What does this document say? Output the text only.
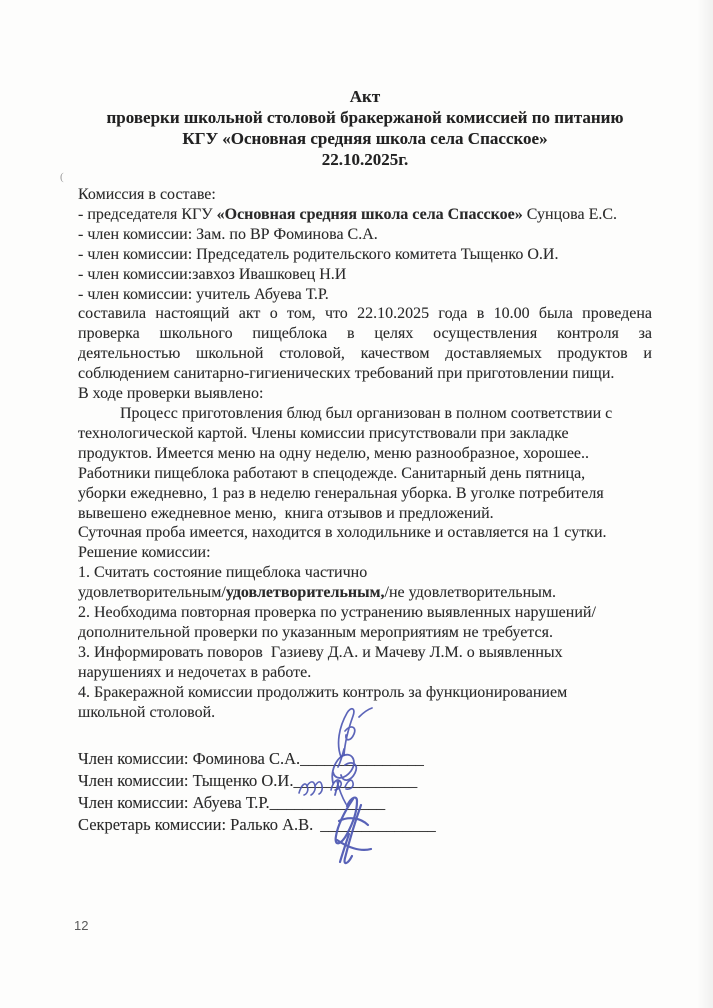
(
Акт
проверки школьной столовой бракержаной комиссией по питанию
КГУ «Основная средняя школа села Спасское»
22.10.2025г.
Комиссия в составе:
- председателя КГУ «Основная средняя школа села Спасское» Сунцова Е.С.
- член комиссии: Зам. по ВР Фоминова С.А.
- член комиссии: Председатель родительского комитета Тыщенко О.И.
- член комиссии:завхоз Ивашковец Н.И
- член комиссии: учитель Абуева Т.Р.
составила настоящий акт о том, что 22.10.2025 года в 10.00 была проведена
проверка школьного пищеблока в целях осуществления контроля за
деятельностью школьной столовой, качеством доставляемых продуктов и
соблюдением санитарно-гигиенических требований при приготовлении пищи.
В ходе проверки выявлено:
Процесс приготовления блюд был организован в полном соответствии с
технологической картой. Члены комиссии присутствовали при закладке
продуктов. Имеется меню на одну неделю, меню разнообразное, хорошее..
Работники пищеблока работают в спецодежде. Санитарный день пятница,
уборки ежедневно, 1 раз в неделю генеральная уборка. В уголке потребителя
вывешено ежедневное меню,  книга отзывов и предложений.
Суточная проба имеется, находится в холодильнике и оставляется на 1 сутки.
Решение комиссии:
1. Считать состояние пищеблока частично
удовлетворительным/удовлетворительным,/не удовлетворительным.
2. Необходима повторная проверка по устранению выявленных нарушений/
дополнительной проверки по указанным мероприятиям не требуется.
3. Информировать поворов  Газиеву Д.А. и Мачеву Л.М. о выявленных
нарушениях и недочетах в работе.
4. Бракеражной комиссии продолжить контроль за функционированием
школьной столовой.
Член комиссии: Фоминова С.А._______________
Член комиссии: Тыщенко О.И._______________
Член комиссии: Абуева Т.Р.______________
Секретарь комиссии: Ралько А.В. ______________
12
